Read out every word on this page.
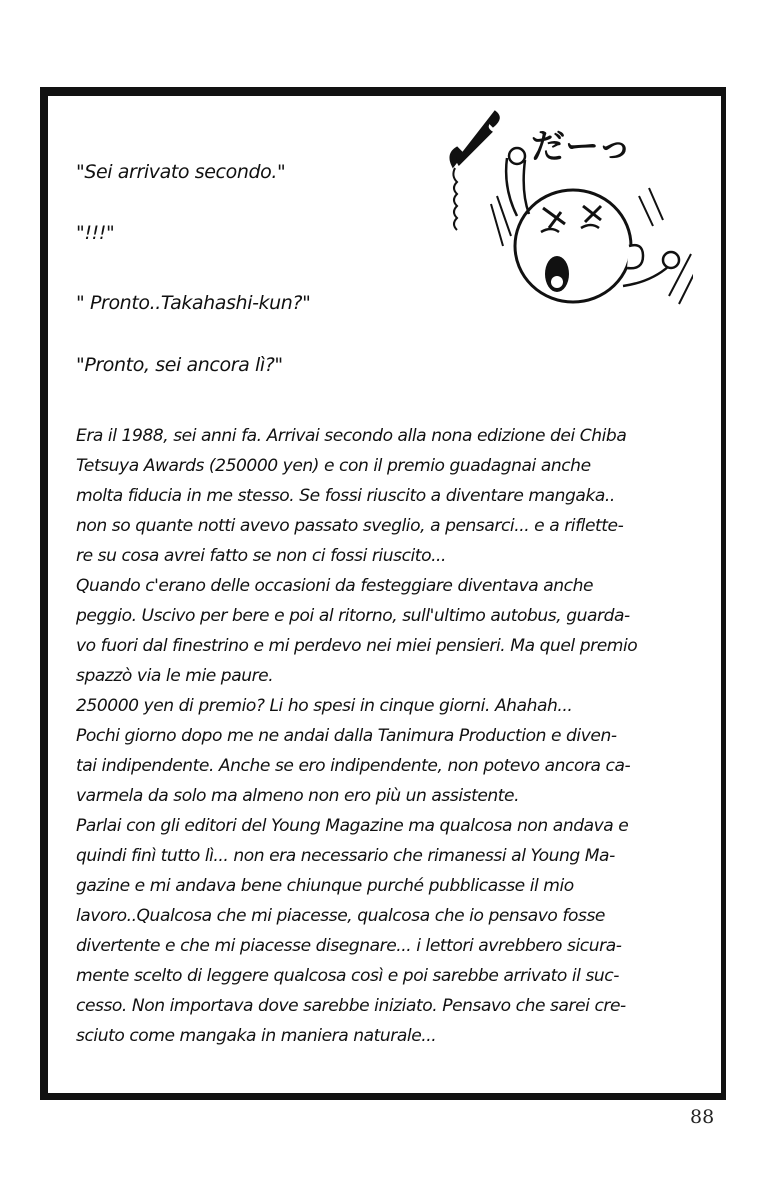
"Sei arrivato secondo."

"!!!"

" Pronto..Takahashi-kun?"

"Pronto, sei ancora lì?"

だーっ
Era il 1988, sei anni fa. Arrivai secondo alla nona edizione dei Chiba
Tetsuya Awards (250000 yen) e con il premio guadagnai anche
molta fiducia in me stesso. Se fossi riuscito a diventare mangaka..
non so quante notti avevo passato sveglio, a pensarci... e a riflette-
re su cosa avrei fatto se non ci fossi riuscito...
Quando c'erano delle occasioni da festeggiare diventava anche
peggio. Uscivo per bere e poi al ritorno, sull'ultimo autobus, guarda-
vo fuori dal finestrino e mi perdevo nei miei pensieri. Ma quel premio
spazzò via le mie paure.
250000 yen di premio? Li ho spesi in cinque giorni. Ahahah...
Pochi giorno dopo me ne andai dalla Tanimura Production e diven-
tai indipendente. Anche se ero indipendente, non potevo ancora ca-
varmela da solo ma almeno non ero più un assistente.
Parlai con gli editori del Young Magazine ma qualcosa non andava e
quindi finì tutto lì... non era necessario che rimanessi al Young Ma-
gazine e mi andava bene chiunque purché pubblicasse il mio
lavoro..Qualcosa che mi piacesse, qualcosa che io pensavo fosse
divertente e che mi piacesse disegnare... i lettori avrebbero sicura-
mente scelto di leggere qualcosa così e poi sarebbe arrivato il suc-
cesso. Non importava dove sarebbe iniziato. Pensavo che sarei cre-
sciuto come mangaka in maniera naturale...
88
